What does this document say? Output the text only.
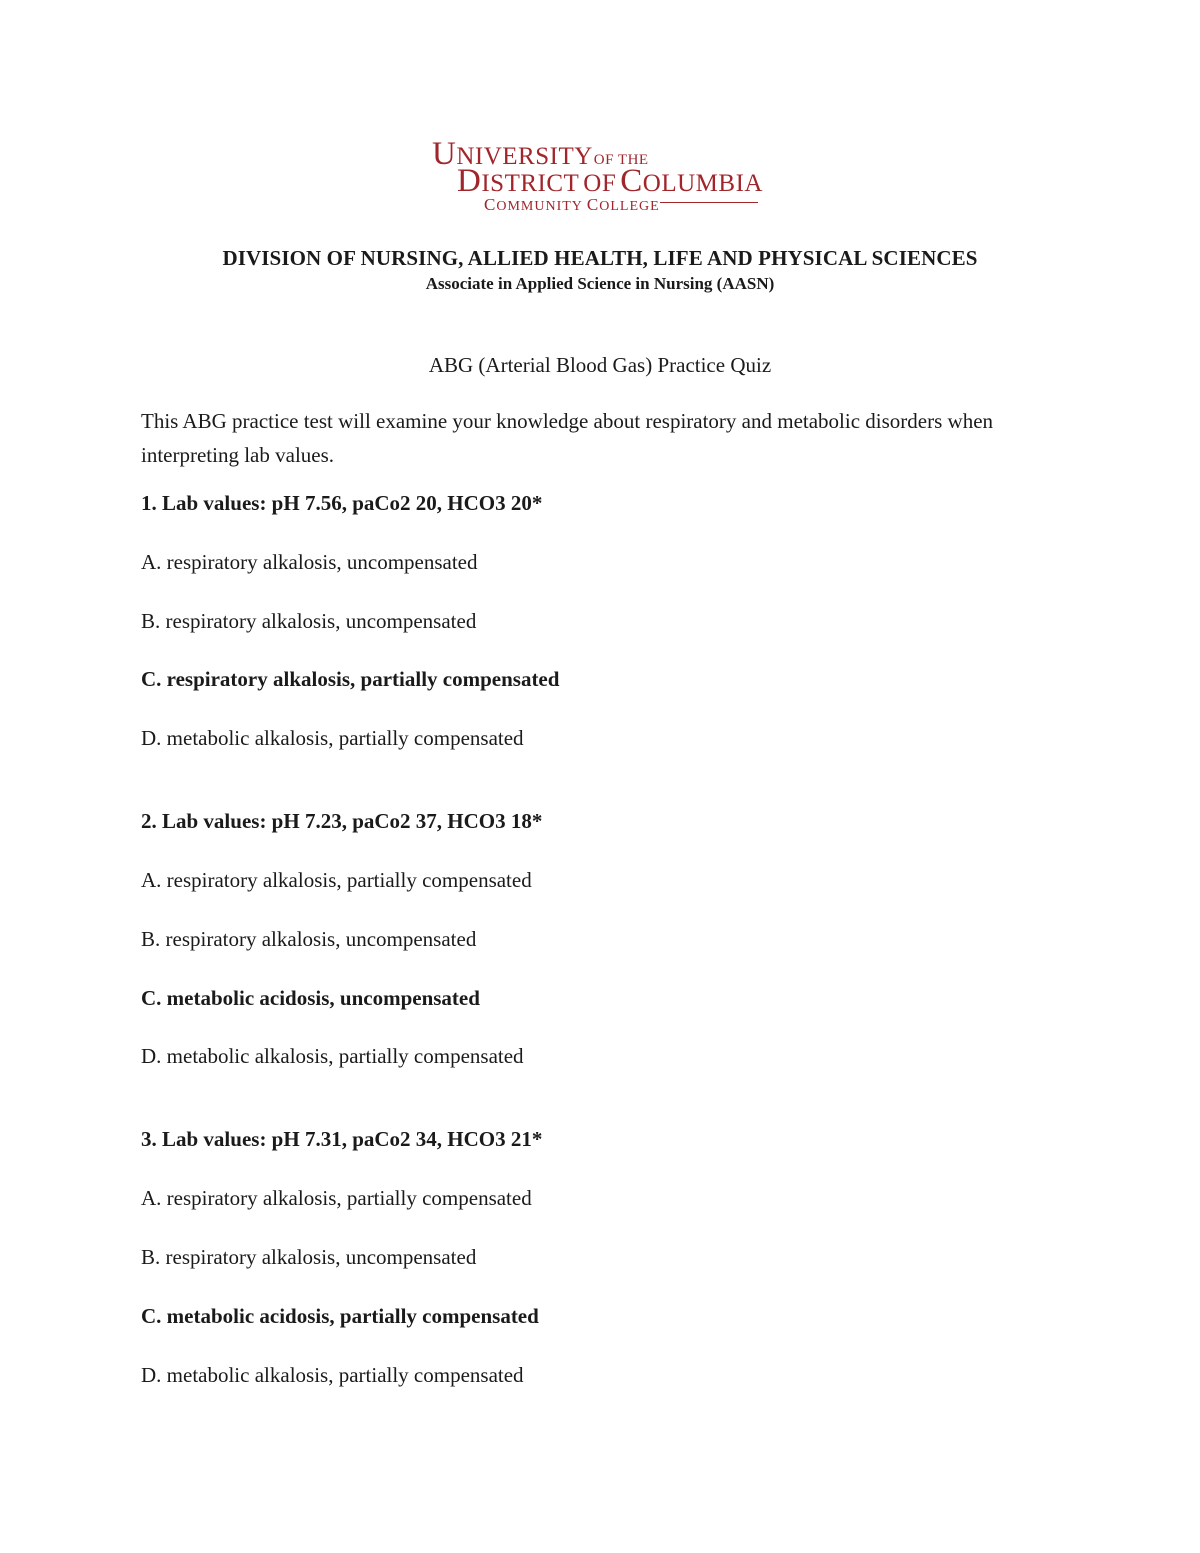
UNIVERSITYOF THE
DISTRICT OF COLUMBIA
COMMUNITY COLLEGE
DIVISION OF NURSING, ALLIED HEALTH, LIFE AND PHYSICAL SCIENCES
Associate in Applied Science in Nursing (AASN)
ABG (Arterial Blood Gas) Practice Quiz
This ABG practice test will examine your knowledge about respiratory and metabolic disorders when interpreting lab values.
1. Lab values: pH 7.56, paCo2 20, HCO3 20*
A. respiratory alkalosis, uncompensated
B. respiratory alkalosis, uncompensated
C. respiratory alkalosis, partially compensated
D. metabolic alkalosis, partially compensated
2. Lab values: pH 7.23, paCo2 37, HCO3 18*
A. respiratory alkalosis, partially compensated
B. respiratory alkalosis, uncompensated
C. metabolic acidosis, uncompensated
D. metabolic alkalosis, partially compensated
3. Lab values: pH 7.31, paCo2 34, HCO3 21*
A. respiratory alkalosis, partially compensated
B. respiratory alkalosis, uncompensated
C. metabolic acidosis, partially compensated
D. metabolic alkalosis, partially compensated
